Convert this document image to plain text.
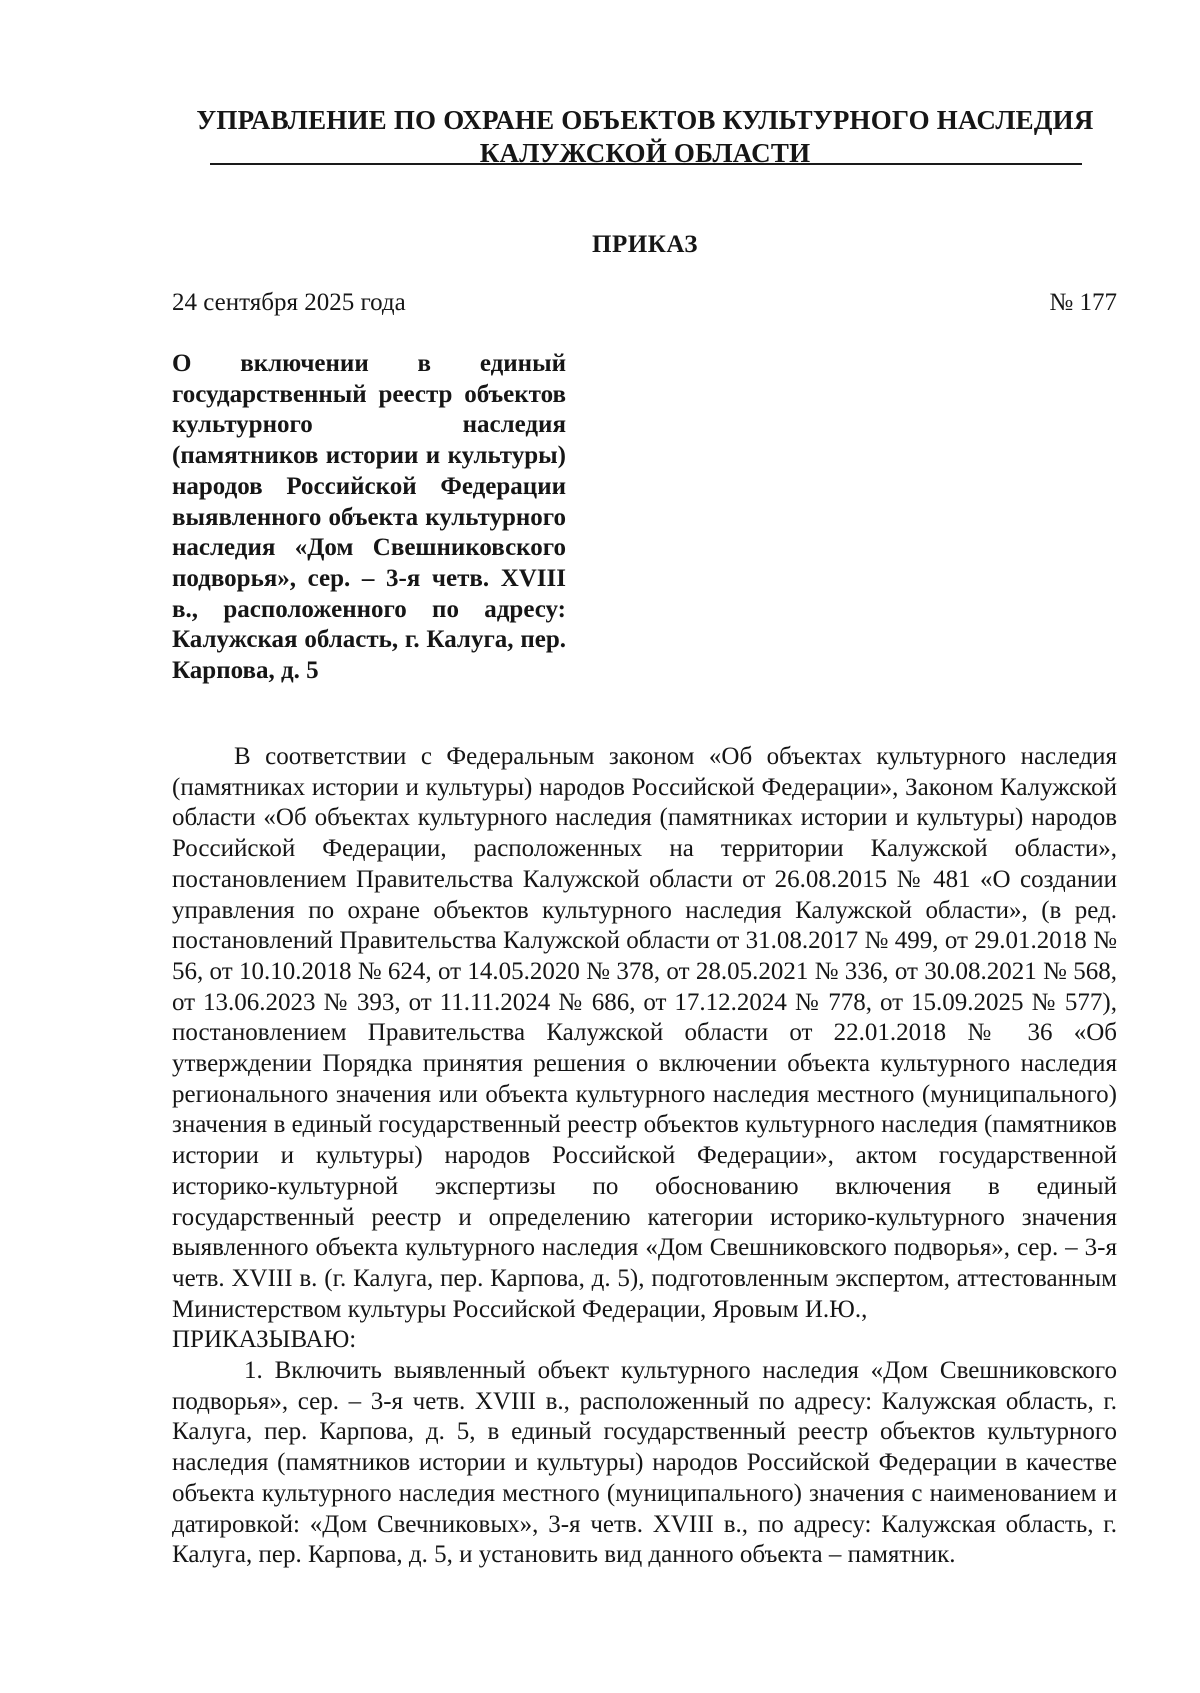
УПРАВЛЕНИЕ ПО ОХРАНЕ ОБЪЕКТОВ КУЛЬТУРНОГО НАСЛЕДИЯ

КАЛУЖСКОЙ ОБЛАСТИ
ПРИКАЗ
24 сентября 2025 года	№ 177
О включении в единый государственный реестр объектов культурного наследия (памятников истории и культуры) народов Российской Федерации выявленного объекта культурного наследия «Дом Свешниковского подворья», сер. – 3-я четв. XVIII в., расположенного по адресу: Калужская область, г. Калуга, пер. Карпова, д. 5

В соответствии с Федеральным законом «Об объектах культурного наследия (памятниках истории и культуры) народов Российской Федерации», Законом Калужской области «Об объектах культурного наследия (памятниках истории и культуры) народов Российской Федерации, расположенных на территории Калужской области», постановлением Правительства Калужской области от 26.08.2015 № 481 «О создании управления по охране объектов культурного наследия Калужской области», (в ред. постановлений Правительства Калужской области от 31.08.2017 № 499, от 29.01.2018 № 56, от 10.10.2018 № 624, от 14.05.2020 № 378, от 28.05.2021 № 336, от 30.08.2021 № 568, от 13.06.2023 № 393, от 11.11.2024 № 686, от 17.12.2024 № 778, от 15.09.2025 № 577), постановлением Правительства Калужской области от 22.01.2018 № 36 «Об утверждении Порядка принятия решения о включении объекта культурного наследия регионального значения или объекта культурного наследия местного (муниципального) значения в единый государственный реестр объектов культурного наследия (памятников истории и культуры) народов Российской Федерации», актом государственной историко-культурной экспертизы по обоснованию включения в единый государственный реестр и определению категории историко-культурного значения выявленного объекта культурного наследия «Дом Свешниковского подворья», сер. – 3-я четв. XVIII в. (г. Калуга, пер. Карпова, д. 5), подготовленным экспертом, аттестованным Министерством культуры Российской Федерации, Яровым И.Ю.,

ПРИКАЗЫВАЮ:

1. Включить выявленный объект культурного наследия «Дом Свешниковского подворья», сер. – 3-я четв. XVIII в., расположенный по адресу: Калужская область, г. Калуга, пер. Карпова, д. 5, в единый государственный реестр объектов культурного наследия (памятников истории и культуры) народов Российской Федерации в качестве объекта культурного наследия местного (муниципального) значения с наименованием и датировкой: «Дом Свечниковых», 3-я четв. XVIII в., по адресу: Калужская область, г. Калуга, пер. Карпова, д. 5, и установить вид данного объекта – памятник.
